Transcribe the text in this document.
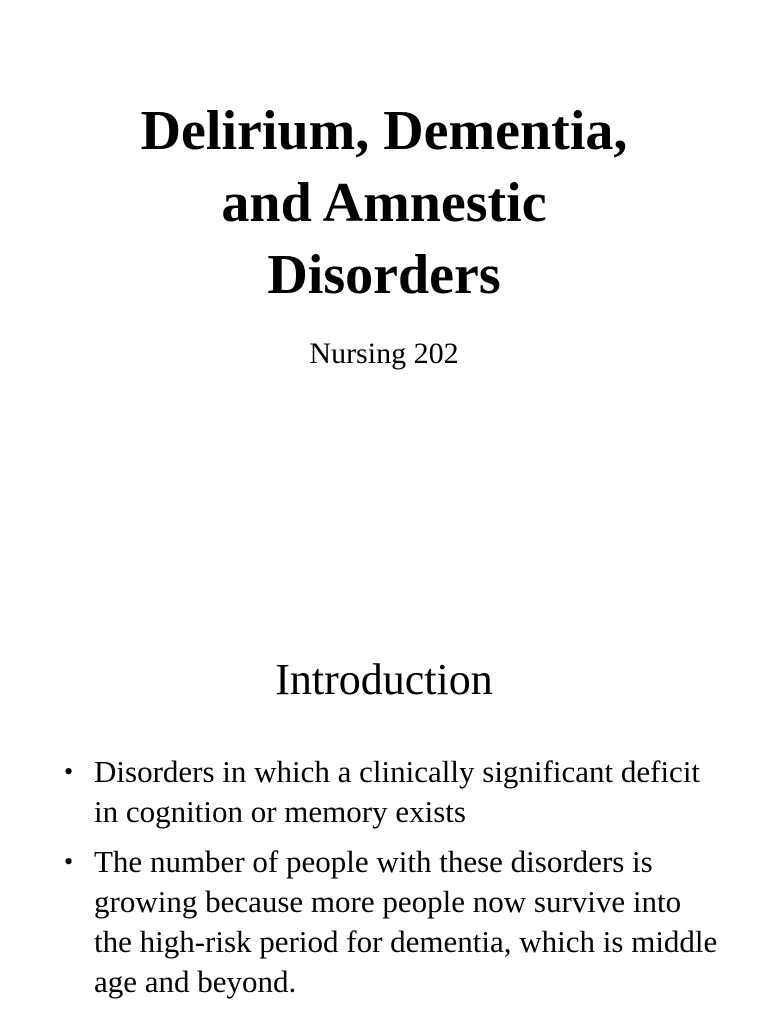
Delirium, Dementia,
and Amnestic
Disorders
Nursing 202
Introduction
• Disorders in which a clinically significant deficit in cognition or memory exists
• The number of people with these disorders is growing because more people now survive into the high-risk period for dementia, which is middle age and beyond.
